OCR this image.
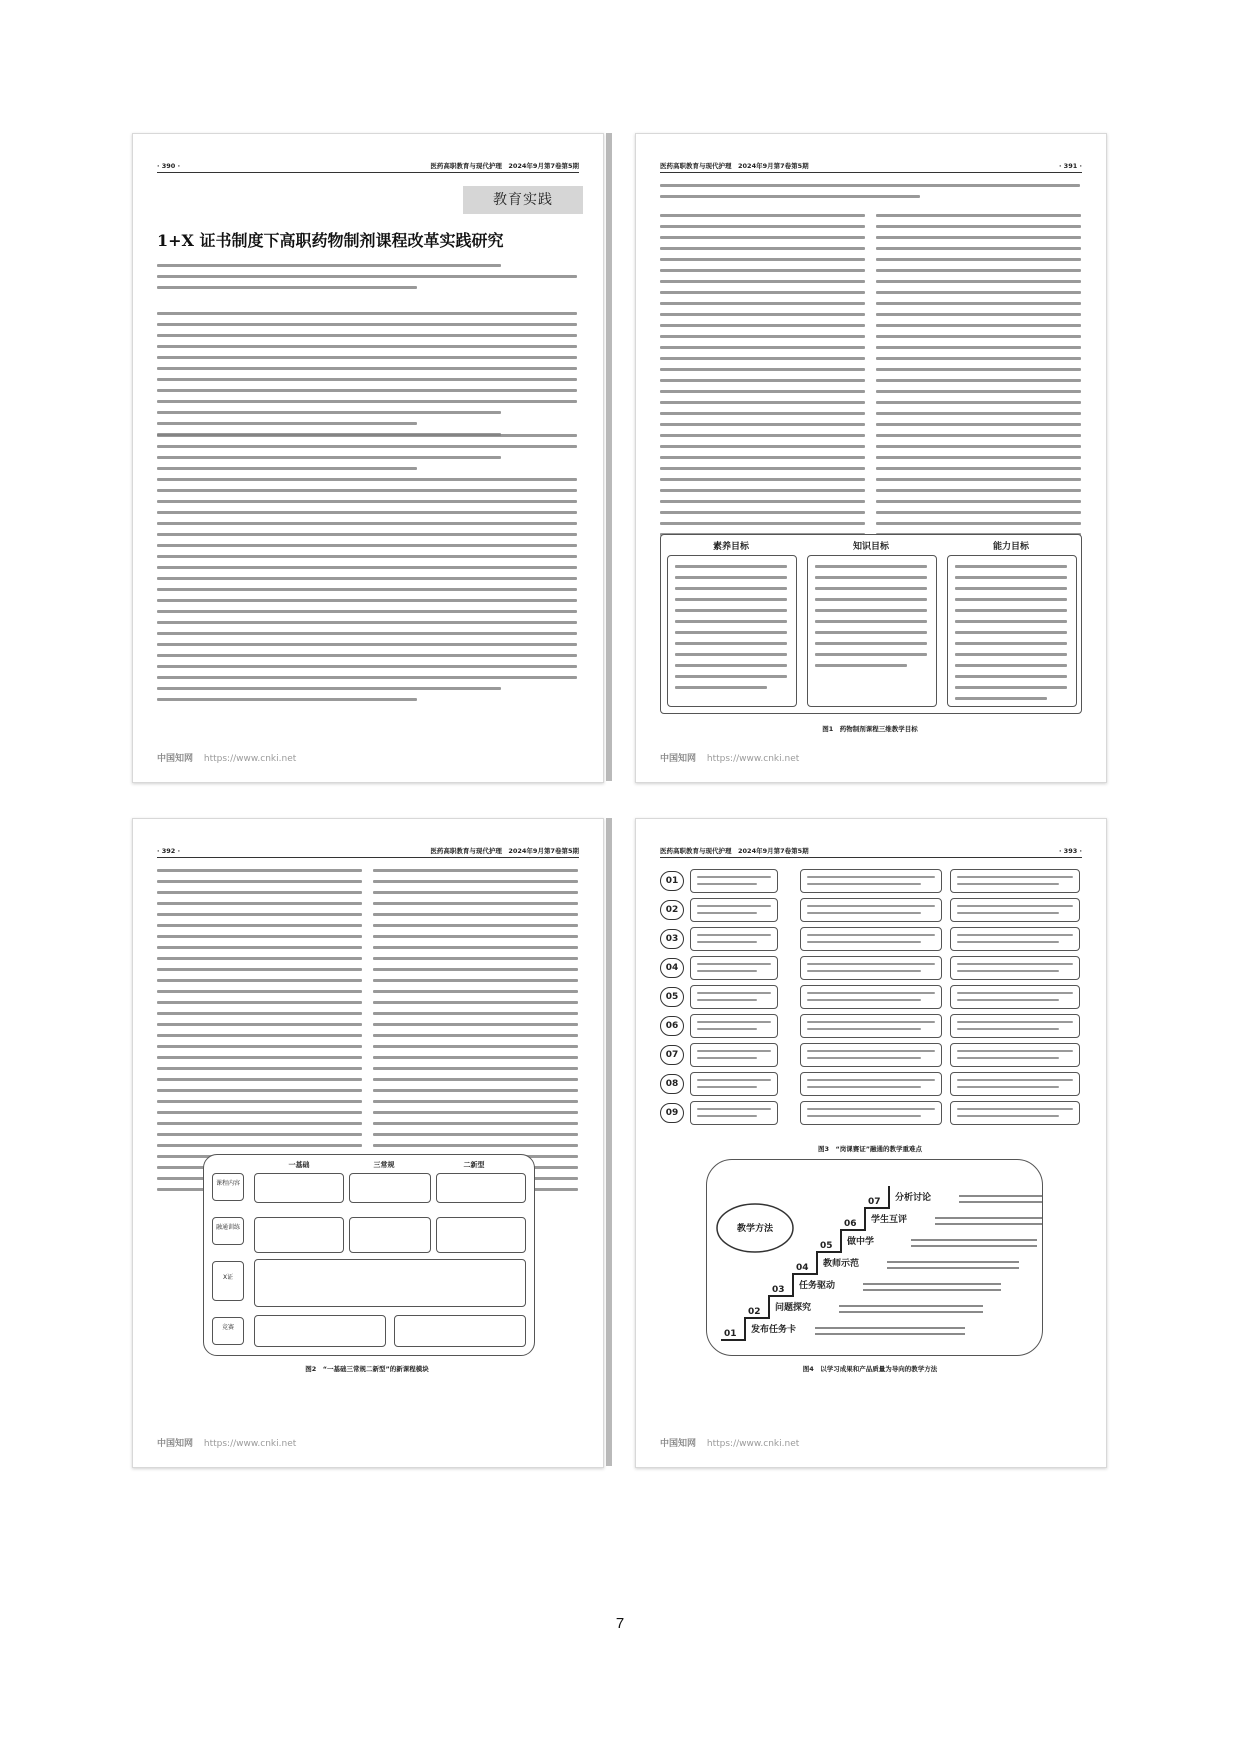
· 390 ·	医药高职教育与现代护理　2024年9月第7卷第5期
教育实践
1+X 证书制度下高职药物制剂课程改革实践研究
中国知网 https://www.cnki.net
医药高职教育与现代护理　2024年9月第7卷第5期	· 391 ·
素养目标	知识目标	能力目标
图1　药物制剂课程三维教学目标
中国知网 https://www.cnki.net
· 392 ·	医药高职教育与现代护理　2024年9月第7卷第5期
一基础	三常规	二新型
课程内容
融通训练
X证
竞赛
图2　“一基础三常规二新型”的新课程模块
中国知网 https://www.cnki.net
医药高职教育与现代护理　2024年9月第7卷第5期	· 393 ·
01
02
03
04
05
06
07
08
09
图3　“岗课赛证”融通的教学重难点
教学方法
01 发布任务卡
02 问题探究
03 任务驱动
04 教师示范
05 做中学
06 学生互评
07 分析讨论
图4　以学习成果和产品质量为导向的教学方法
中国知网 https://www.cnki.net
7
